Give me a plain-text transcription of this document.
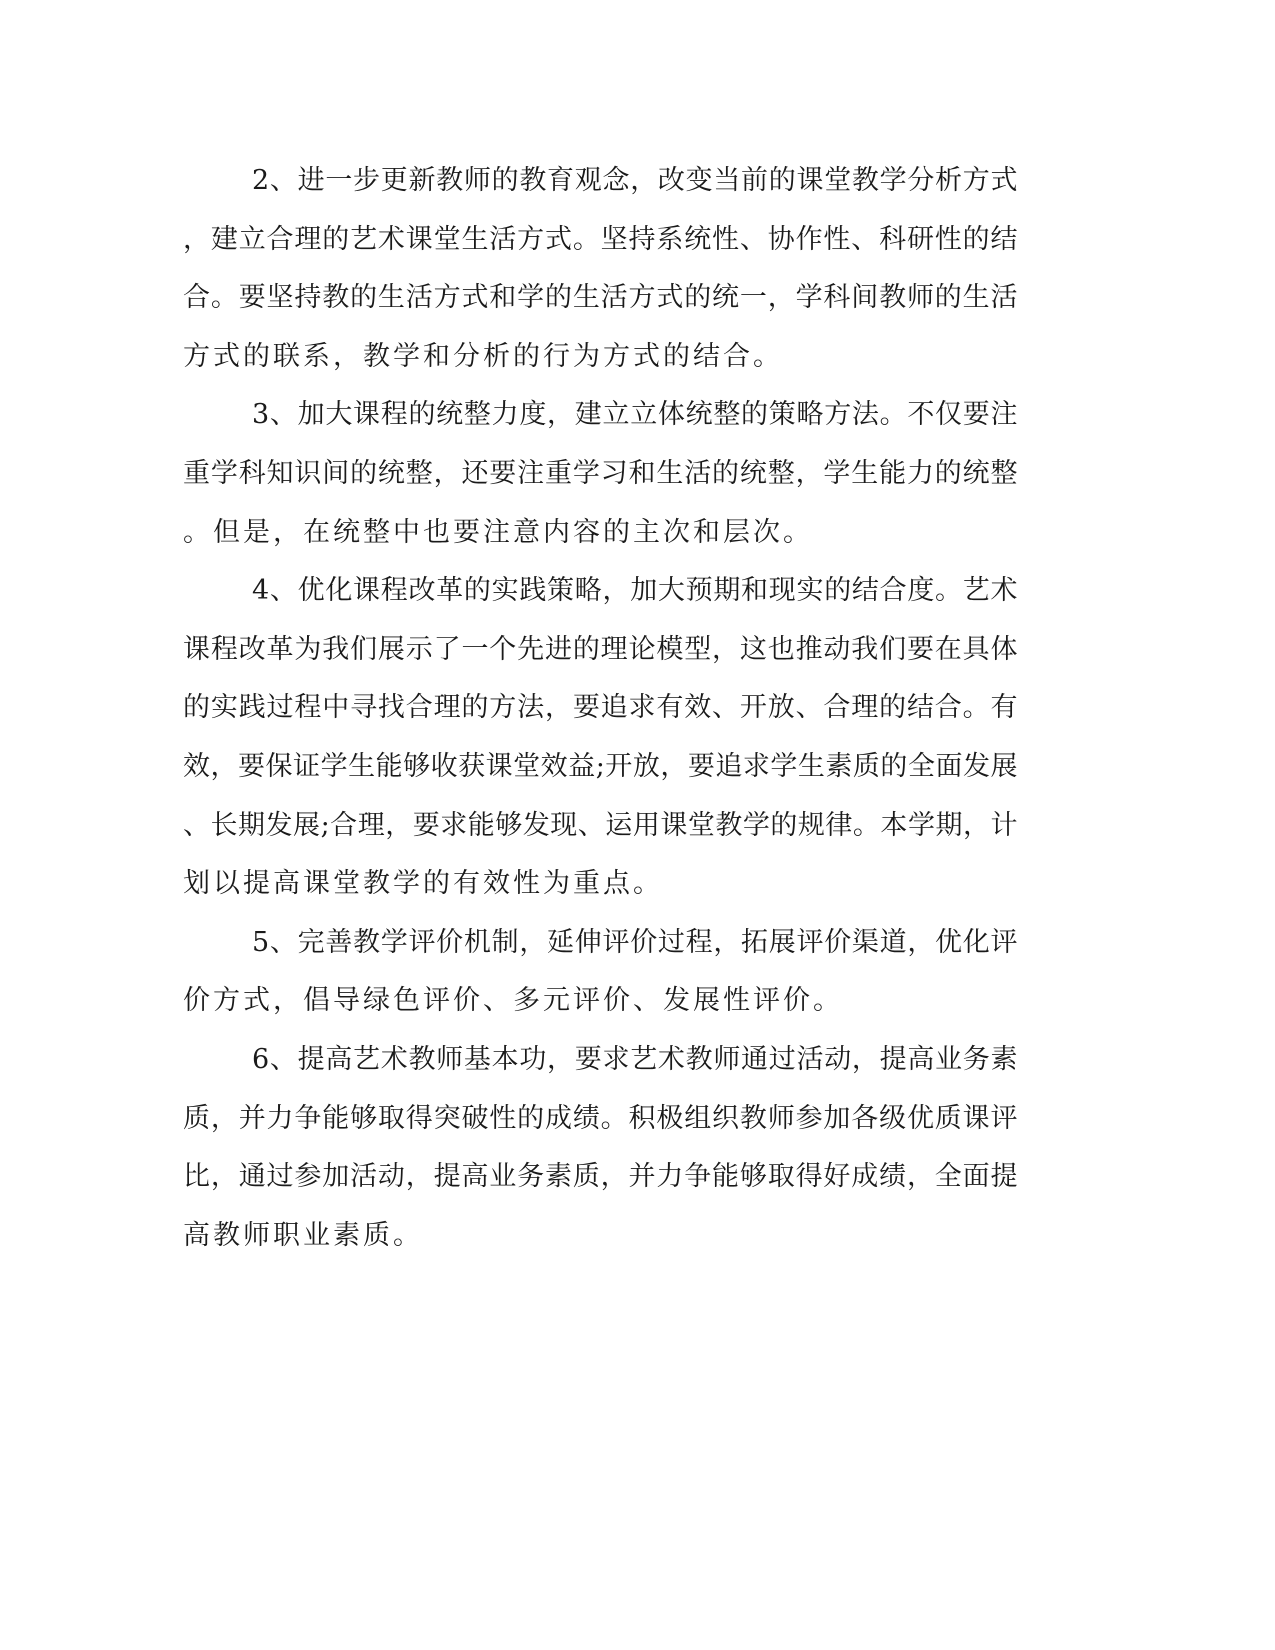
2、进一步更新教师的教育观念，改变当前的课堂教学分析方式
，建立合理的艺术课堂生活方式。坚持系统性、协作性、科研性的结
合。要坚持教的生活方式和学的生活方式的统一，学科间教师的生活
方式的联系，教学和分析的行为方式的结合。
3、加大课程的统整力度，建立立体统整的策略方法。不仅要注
重学科知识间的统整，还要注重学习和生活的统整，学生能力的统整
。但是，在统整中也要注意内容的主次和层次。
4、优化课程改革的实践策略，加大预期和现实的结合度。艺术
课程改革为我们展示了一个先进的理论模型，这也推动我们要在具体
的实践过程中寻找合理的方法，要追求有效、开放、合理的结合。有
效，要保证学生能够收获课堂效益;开放，要追求学生素质的全面发展
、长期发展;合理，要求能够发现、运用课堂教学的规律。本学期，计
划以提高课堂教学的有效性为重点。
5、完善教学评价机制，延伸评价过程，拓展评价渠道，优化评
价方式，倡导绿色评价、多元评价、发展性评价。
6、提高艺术教师基本功，要求艺术教师通过活动，提高业务素
质，并力争能够取得突破性的成绩。积极组织教师参加各级优质课评
比，通过参加活动，提高业务素质，并力争能够取得好成绩，全面提
高教师职业素质。
